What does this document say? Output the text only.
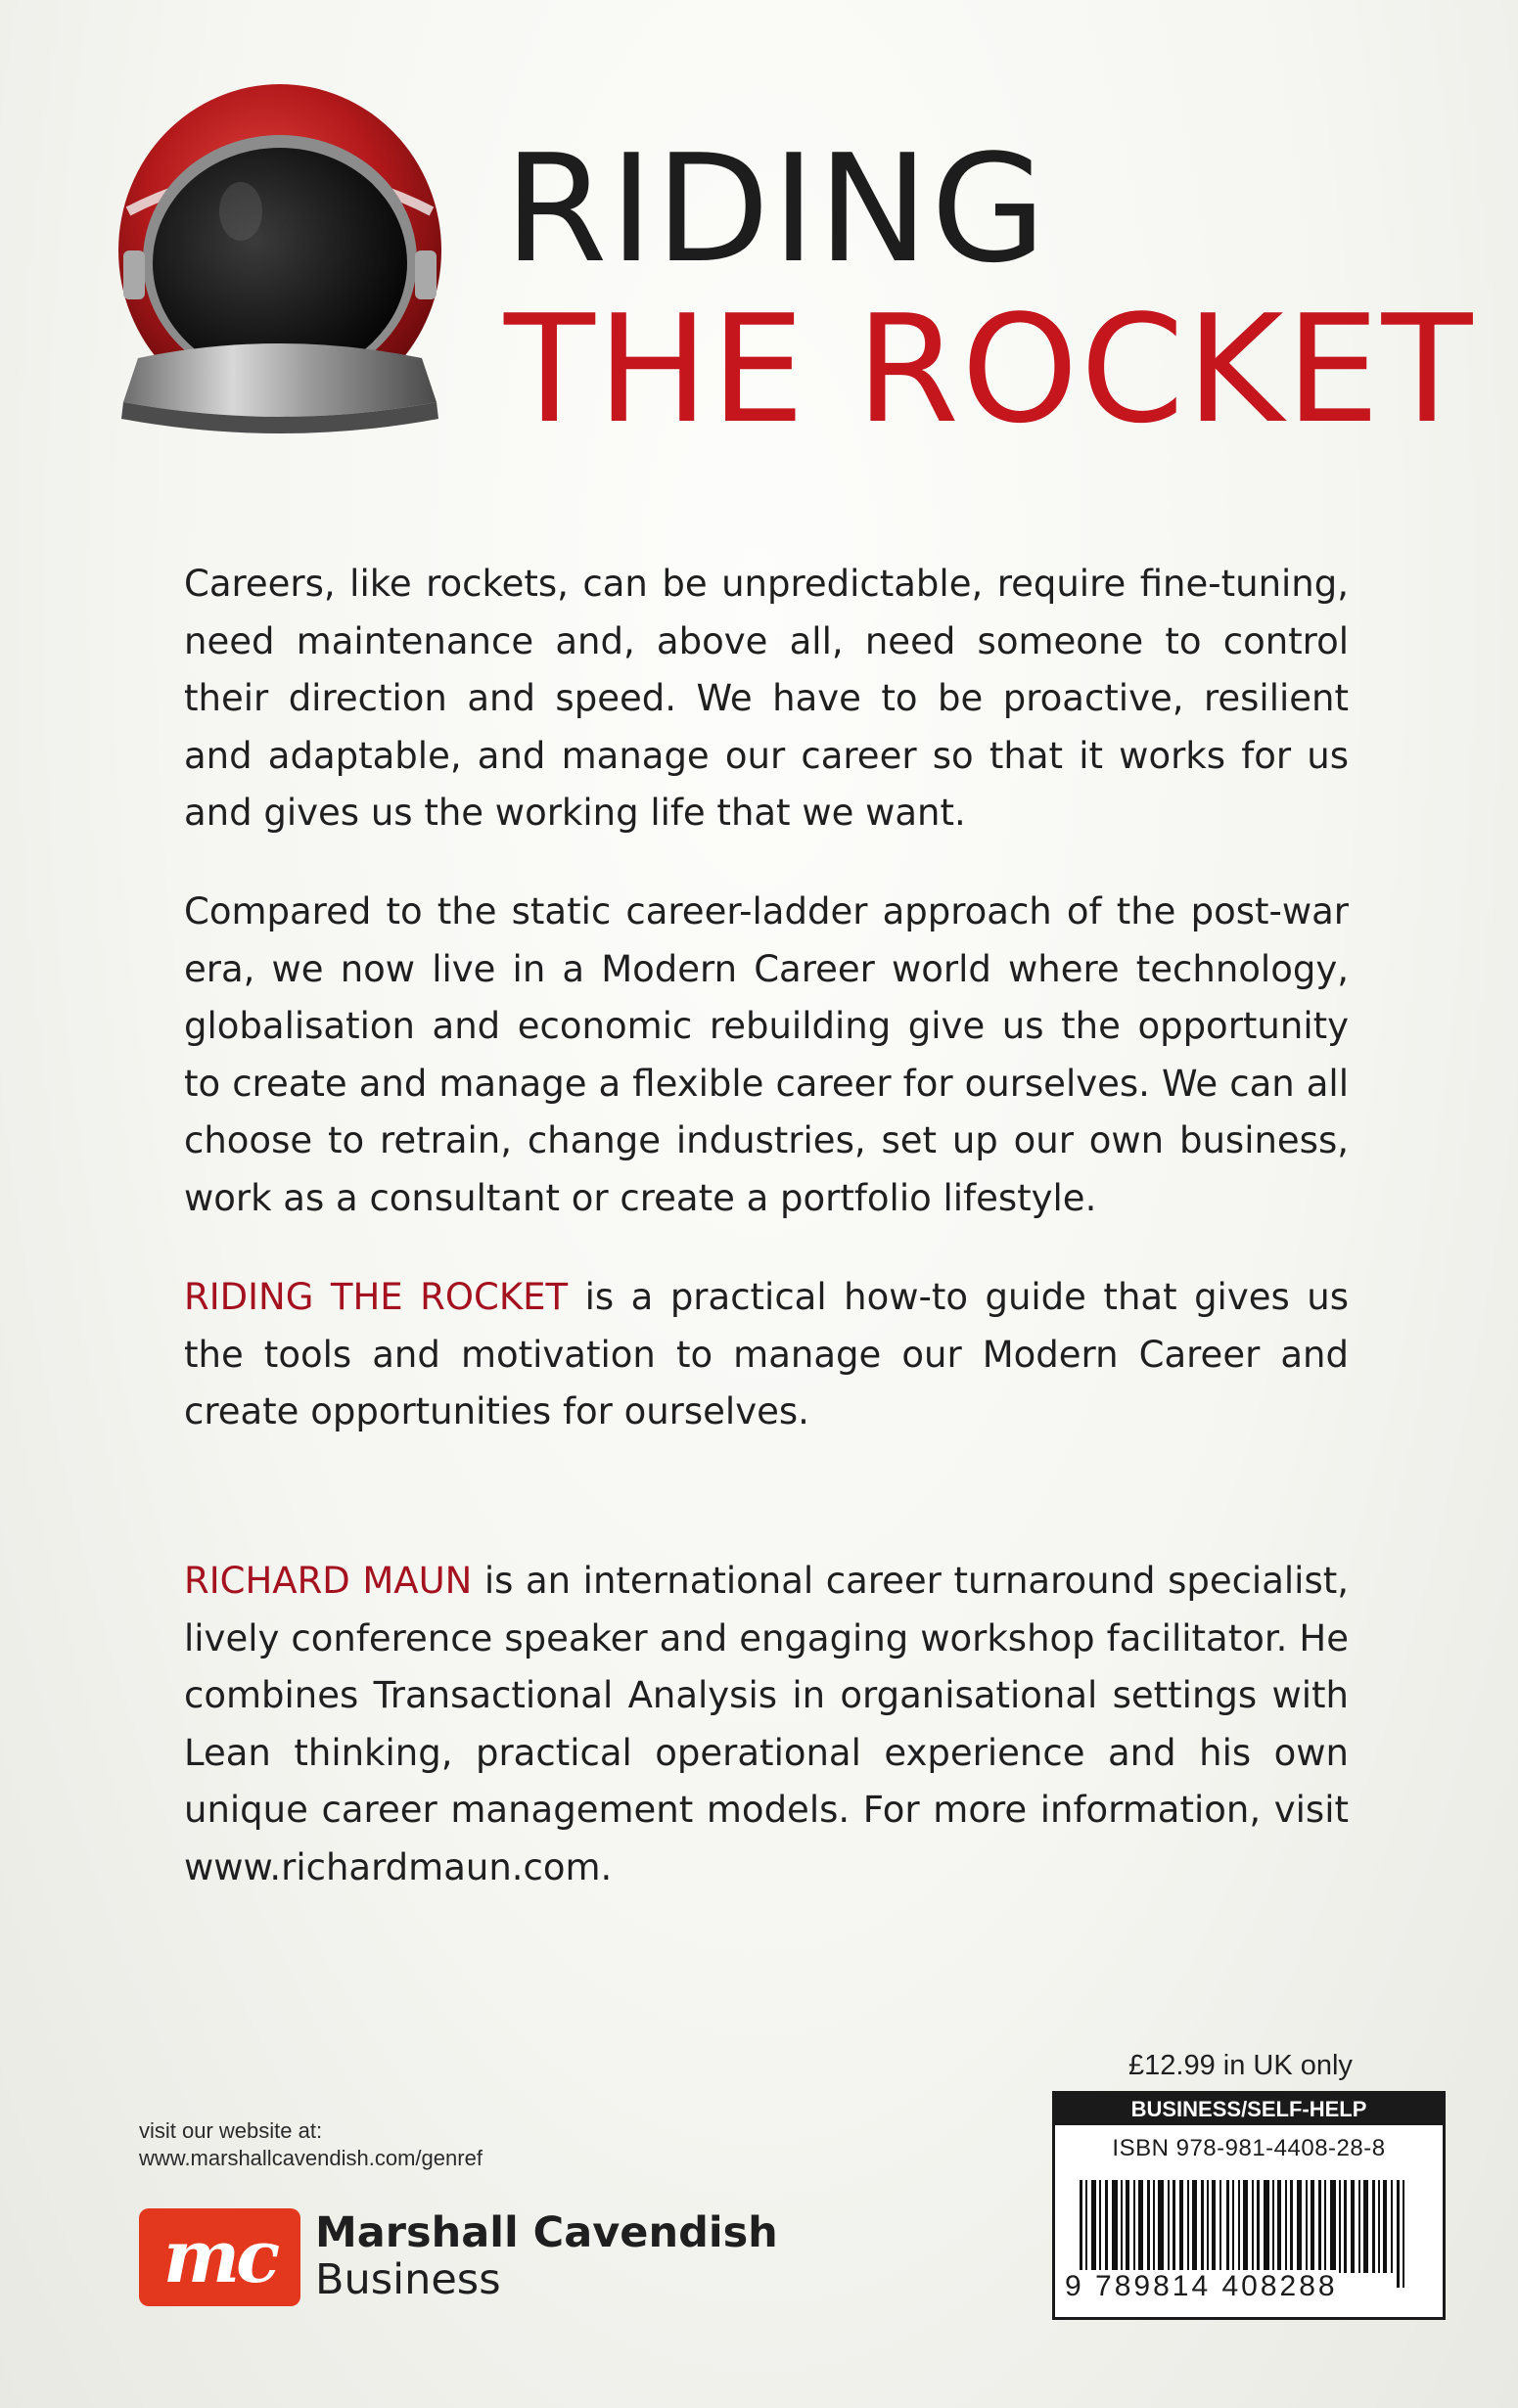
RIDING
THE ROCKET
Careers, like rockets, can be unpredictable, require fine-tuning, need maintenance and, above all, need someone to control their direction and speed. We have to be proactive, resilient and adaptable, and manage our career so that it works for us and gives us the working life that we want.
Compared to the static career-ladder approach of the post-war era, we now live in a Modern Career world where technology, globalisation and economic rebuilding give us the opportunity to create and manage a flexible career for ourselves. We can all choose to retrain, change industries, set up our own business, work as a consultant or create a portfolio lifestyle.
RIDING THE ROCKET is a practical how-to guide that gives us the tools and motivation to manage our Modern Career and create opportunities for ourselves.
RICHARD MAUN is an international career turnaround specialist, lively conference speaker and engaging workshop facilitator. He combines Transactional Analysis in organisational settings with Lean thinking, practical operational experience and his own unique career management models. For more information, visit www.richardmaun.com.
visit our website at:
www.marshallcavendish.com/genref
mc Marshall Cavendish
Business
£12.99 in UK only
BUSINESS/SELF-HELP
ISBN 978-981-4408-28-8
9 789814 408288
